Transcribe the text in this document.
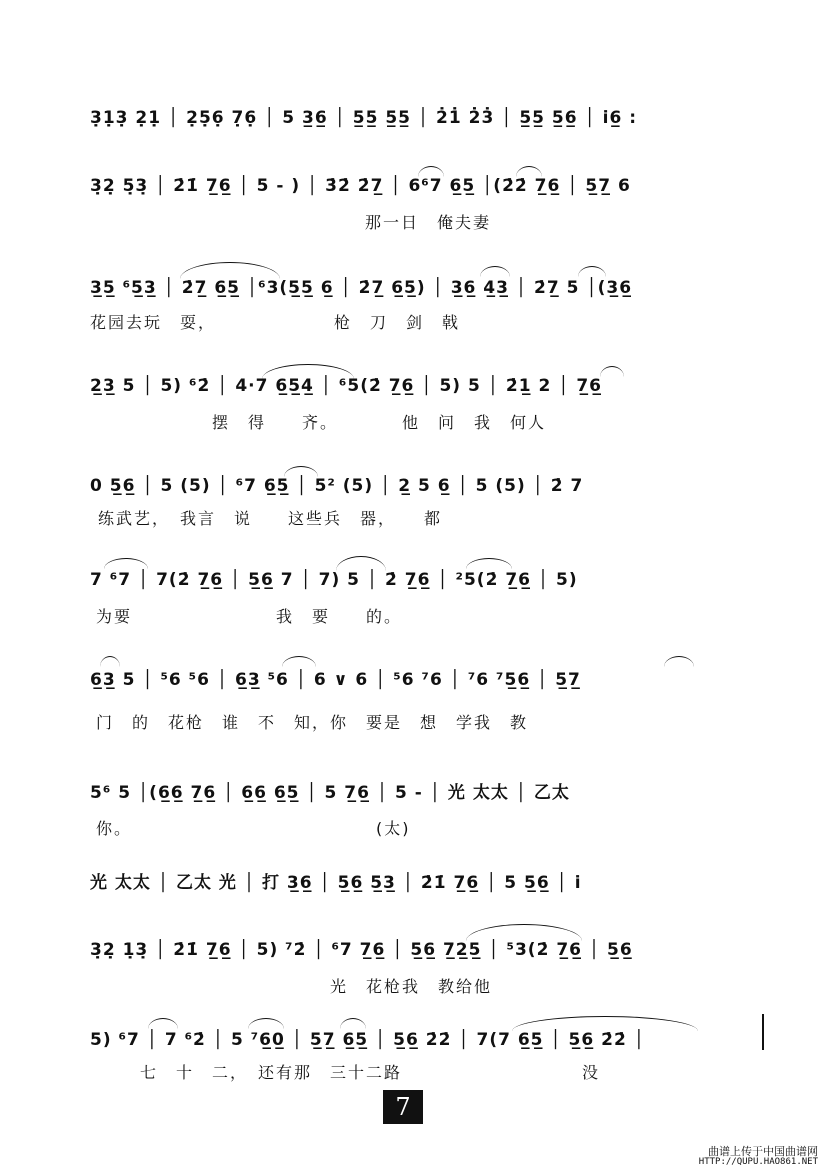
3̣1̣3̣ 2̣1̣ │ 2̣5̣6̣ 7̣6̣ │ 5 3̲6̲ │ 5̲5̲ 5̲5̲ │ 2̇1̇ 2̇3̇ │ 5̲5̲ 5̲6̲ │ i̇6̲ :
3̣2̣ 5̣3̣ │ 2̇1̇ 7̲6̲ │ 5 - ) │ 3̇2̇ 2̇7̲ │ 6⁶7 6̲5̲ │(2̇2̇ 7̲6̲ │ 5̲7̲ 6
那一日　俺夫妻
3̲5̲ ⁶5̲3̲ │ 2̇7̲ 6̲5̲ │⁶3(5̲5̲ 6̲ │ 2̇7̲ 6̲5̲) │ 3̲6̲ 4̲3̲ │ 2̇7̲ 5 │(3̲6̲
花园去玩　耍，　　　　　　　枪　刀　剑　戟
2̲3̲ 5 │ 5) ⁶2̇ │ 4·7 6̲5̲4̲ │ ⁶5(2̇ 7̲6̲ │ 5) 5 │ 2̇1̲ 2 │ 7̲6̲
摆　得　　齐。　　　　他　问　我　何人
0 5̲6̲ │ 5 (5) │ ⁶7 6̲5̲ │ 5² (5) │ 2̲ 5 6̲ │ 5 (5) │ 2̇ 7
练武艺，　我言　说　　这些兵　器，　　都
7 ⁶7 │ 7(2̇ 7̲6̲ │ 5̲6̲ 7 │ 7) 5 │ 2̇ 7̲6̲ │ ²5(2̇ 7̲6̲ │ 5)
为要　　　　　　　　我　要　　的。
6̲3̲ 5 │ ⁵6 ⁵6 │ 6̲3̲ ⁵6 │ 6 ∨ 6 │ ⁵6 ⁷6 │ ⁷6 ⁷5̲6̲ │ 5̲7̲
门　的　花枪　谁　不　知，你　要是　想　学我　教
5⁶ 5 │(6̲6̲ 7̲6̲ │ 6̲6̲ 6̲5̲ │ 5 7̲6̲ │ 5 - │ 光 太太 │ 乙太
你。　　　　　　　　　　　　　　(太)
光 太太 │ 乙太 光 │ 打 3̲6̲ │ 5̲6̲ 5̲3̲ │ 2̇1̇ 7̲6̲ │ 5 5̲6̲ │ i̇
3̣2̣ 1̣3̣ │ 2̇1̇ 7̲6̲ │ 5) ⁷2̇ │ ⁶7 7̲6̲ │ 5̲6̲ 7̲2̲5̲ │ ⁵3(2̇ 7̲6̲ │ 5̲6̲
光　花枪我　教给他
5) ⁶7 │ 7 ⁶2̇ │ 5 ⁷6̲0̲ │ 5̲7̲ 6̲5̲ │ 5̲6̲ 2̇2̇ │ 7(7 6̲5̲ │ 5̲6̲ 2̇2̇ │
七　十　二，　还有那　三十二路　　　　　　　　　　没
7
曲谱上传于中国曲谱网
HTTP://QUPU.HAO861.NET
